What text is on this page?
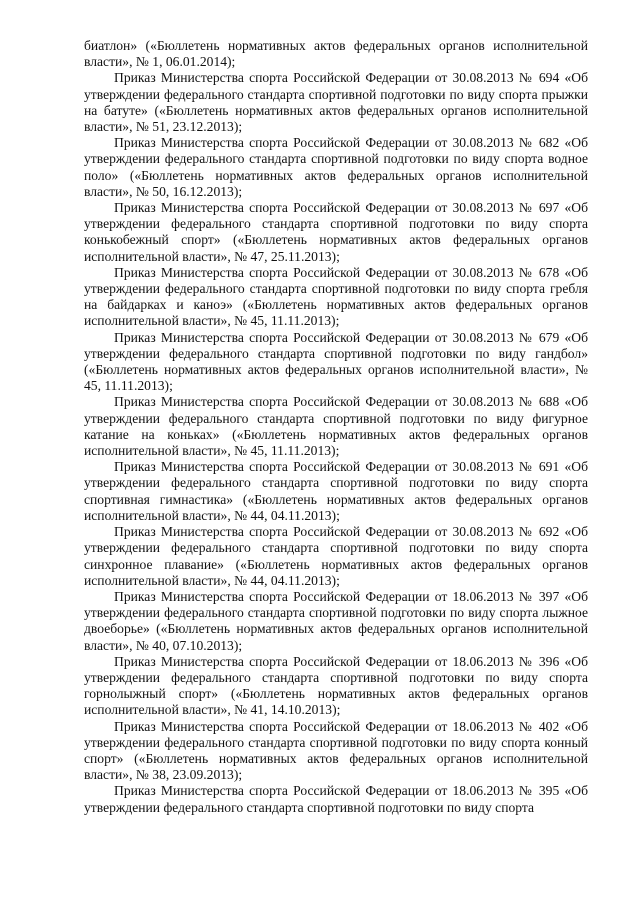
биатлон» («Бюллетень нормативных актов федеральных органов исполнительной власти», № 1, 06.01.2014);

Приказ Министерства спорта Российской Федерации от 30.08.2013 № 694 «Об утверждении федерального стандарта спортивной подготовки по виду спорта прыжки на батуте» («Бюллетень нормативных актов федеральных органов исполнительной власти», № 51, 23.12.2013);

Приказ Министерства спорта Российской Федерации от 30.08.2013 № 682 «Об утверждении федерального стандарта спортивной подготовки по виду спорта водное поло» («Бюллетень нормативных актов федеральных органов исполнительной власти», № 50, 16.12.2013);

Приказ Министерства спорта Российской Федерации от 30.08.2013 № 697 «Об утверждении федерального стандарта спортивной подготовки по виду спорта конькобежный спорт» («Бюллетень нормативных актов федеральных органов исполнительной власти», № 47, 25.11.2013);

Приказ Министерства спорта Российской Федерации от 30.08.2013 № 678 «Об утверждении федерального стандарта спортивной подготовки по виду спорта гребля на байдарках и каноэ» («Бюллетень нормативных актов федеральных органов исполнительной власти», № 45, 11.11.2013);

Приказ Министерства спорта Российской Федерации от 30.08.2013 № 679 «Об утверждении федерального стандарта спортивной подготовки по виду гандбол» («Бюллетень нормативных актов федеральных органов исполнительной власти», № 45, 11.11.2013);

Приказ Министерства спорта Российской Федерации от 30.08.2013 № 688 «Об утверждении федерального стандарта спортивной подготовки по виду фигурное катание на коньках» («Бюллетень нормативных актов федеральных органов исполнительной власти», № 45, 11.11.2013);

Приказ Министерства спорта Российской Федерации от 30.08.2013 № 691 «Об утверждении федерального стандарта спортивной подготовки по виду спорта спортивная гимнастика» («Бюллетень нормативных актов федеральных органов исполнительной власти», № 44, 04.11.2013);

Приказ Министерства спорта Российской Федерации от 30.08.2013 № 692 «Об утверждении федерального стандарта спортивной подготовки по виду спорта синхронное плавание» («Бюллетень нормативных актов федеральных органов исполнительной власти», № 44, 04.11.2013);

Приказ Министерства спорта Российской Федерации от 18.06.2013 № 397 «Об утверждении федерального стандарта спортивной подготовки по виду спорта лыжное двоеборье» («Бюллетень нормативных актов федеральных органов исполнительной власти», № 40, 07.10.2013);

Приказ Министерства спорта Российской Федерации от 18.06.2013 № 396 «Об утверждении федерального стандарта спортивной подготовки по виду спорта горнолыжный спорт» («Бюллетень нормативных актов федеральных органов исполнительной власти», № 41, 14.10.2013);

Приказ Министерства спорта Российской Федерации от 18.06.2013 № 402 «Об утверждении федерального стандарта спортивной подготовки по виду спорта конный спорт» («Бюллетень нормативных актов федеральных органов исполнительной власти», № 38, 23.09.2013);

Приказ Министерства спорта Российской Федерации от 18.06.2013 № 395 «Об утверждении федерального стандарта спортивной подготовки по виду спорта
